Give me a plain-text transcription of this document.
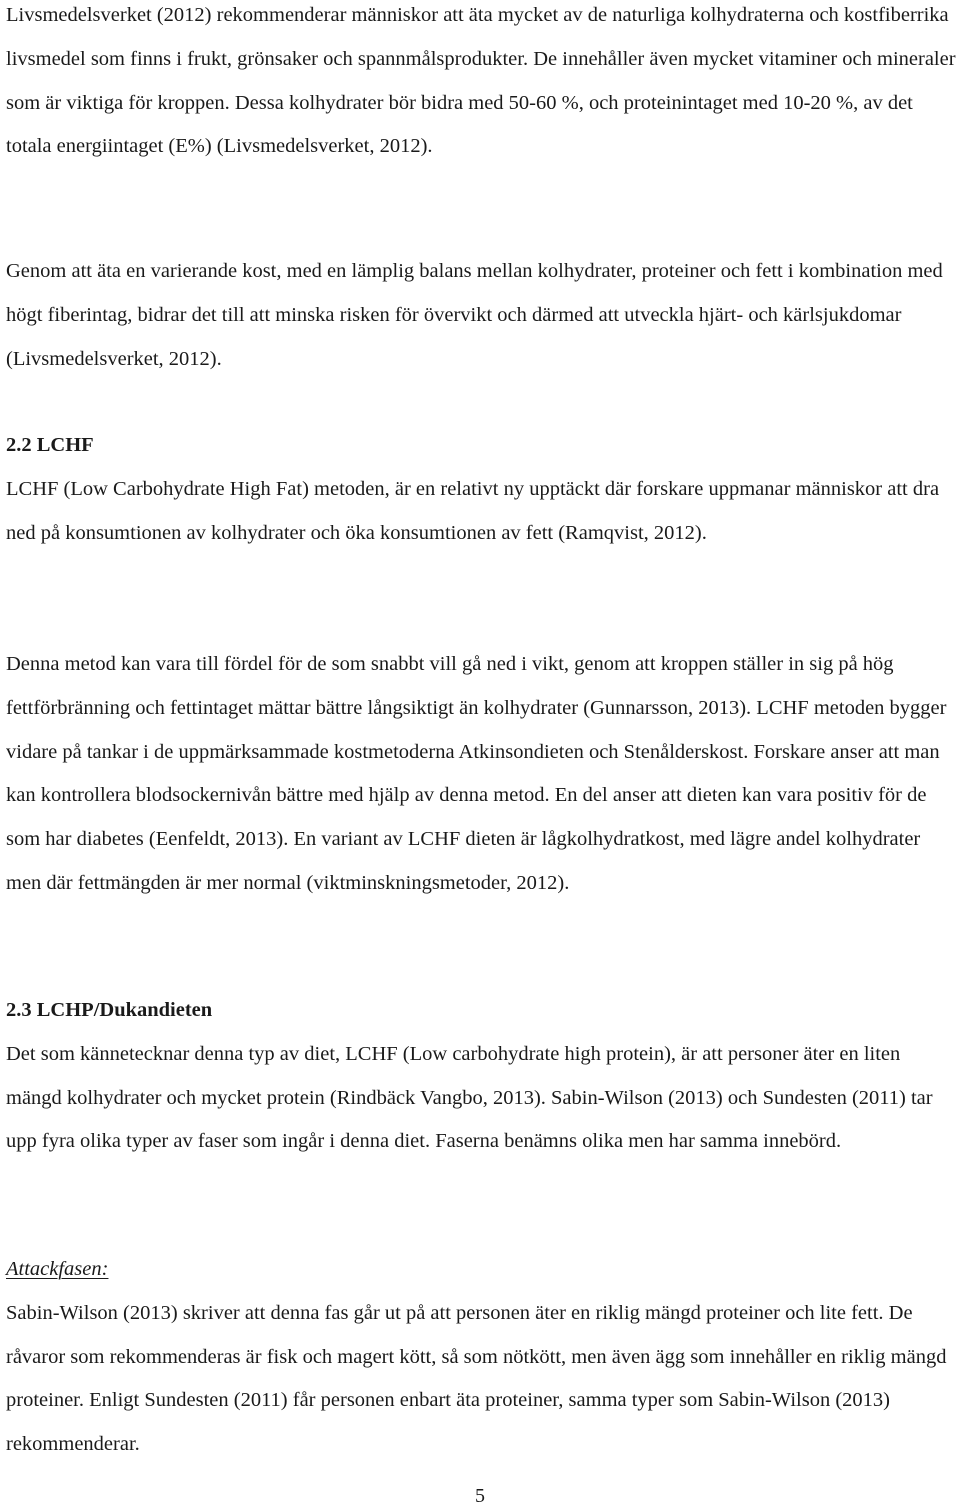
Livsmedelsverket (2012) rekommenderar människor att äta mycket av de naturliga kolhydraterna och kostfiberrika livsmedel som finns i frukt, grönsaker och spannmålsprodukter. De innehåller även mycket vitaminer och mineraler som är viktiga för kroppen. Dessa kolhydrater bör bidra med 50-60 %, och proteinintaget med 10-20 %, av det totala energiintaget (E%) (Livsmedelsverket, 2012).

Genom att äta en varierande kost, med en lämplig balans mellan kolhydrater, proteiner och fett i kombination med högt fiberintag, bidrar det till att minska risken för övervikt och därmed att utveckla hjärt- och kärlsjukdomar (Livsmedelsverket, 2012).

2.2 LCHF

LCHF (Low Carbohydrate High Fat) metoden, är en relativt ny upptäckt där forskare uppmanar människor att dra ned på konsumtionen av kolhydrater och öka konsumtionen av fett (Ramqvist, 2012).

Denna metod kan vara till fördel för de som snabbt vill gå ned i vikt, genom att kroppen ställer in sig på hög fettförbränning och fettintaget mättar bättre långsiktigt än kolhydrater (Gunnarsson, 2013). LCHF metoden bygger vidare på tankar i de uppmärksammade kostmetoderna Atkinsondieten och Stenålderskost. Forskare anser att man kan kontrollera blodsockernivån bättre med hjälp av denna metod. En del anser att dieten kan vara positiv för de som har diabetes (Eenfeldt, 2013). En variant av LCHF dieten är lågkolhydratkost, med lägre andel kolhydrater men där fettmängden är mer normal (viktminskningsmetoder, 2012).

2.3 LCHP/Dukandieten

Det som kännetecknar denna typ av diet, LCHF (Low carbohydrate high protein), är att personer äter en liten mängd kolhydrater och mycket protein (Rindbäck Vangbo, 2013). Sabin-Wilson (2013) och Sundesten (2011) tar upp fyra olika typer av faser som ingår i denna diet. Faserna benämns olika men har samma innebörd.

Attackfasen:

Sabin-Wilson (2013) skriver att denna fas går ut på att personen äter en riklig mängd proteiner och lite fett. De råvaror som rekommenderas är fisk och magert kött, så som nötkött, men även ägg som innehåller en riklig mängd proteiner. Enligt Sundesten (2011) får personen enbart äta proteiner, samma typer som Sabin-Wilson (2013) rekommenderar.

5
